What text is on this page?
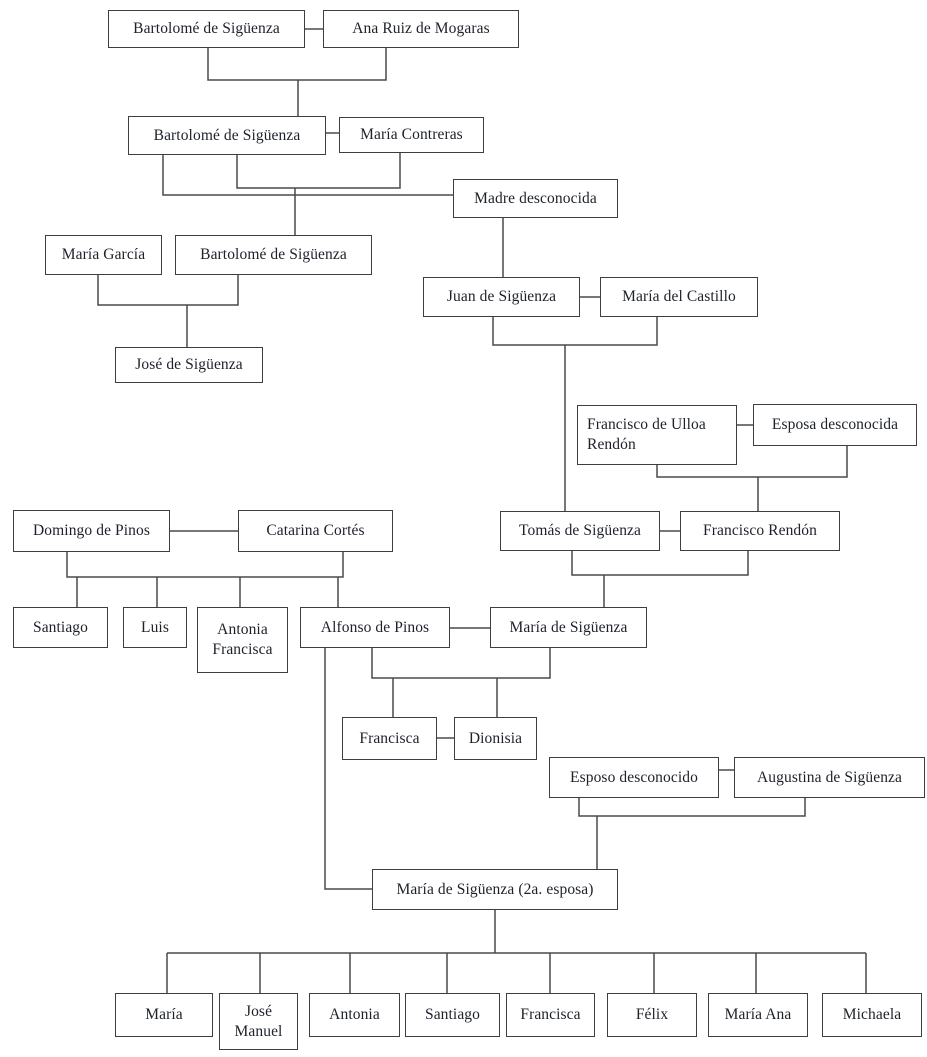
Bartolomé de Sigüenza	Ana Ruiz de Mogaras
Bartolomé de Sigüenza	María Contreras
Madre desconocida
María García	Bartolomé de Sigüenza
José de Sigüenza
Juan de Sigüenza	María del Castillo
Francisco de Ulloa Rendón
Esposa desconocida
Tomás de Sigüenza	Francisco Rendón
Domingo de Pinos	Catarina Cortés
Santiago	Luis	Antonia Francisca
Alfonso de Pinos	María de Sigüenza
Francisca	Dionisia
Esposo desconocido	Augustina de Sigüenza
María de Sigüenza (2a. esposa)
María	José Manuel
Antonia	Santiago	Francisca	Félix	María Ana	Michaela
